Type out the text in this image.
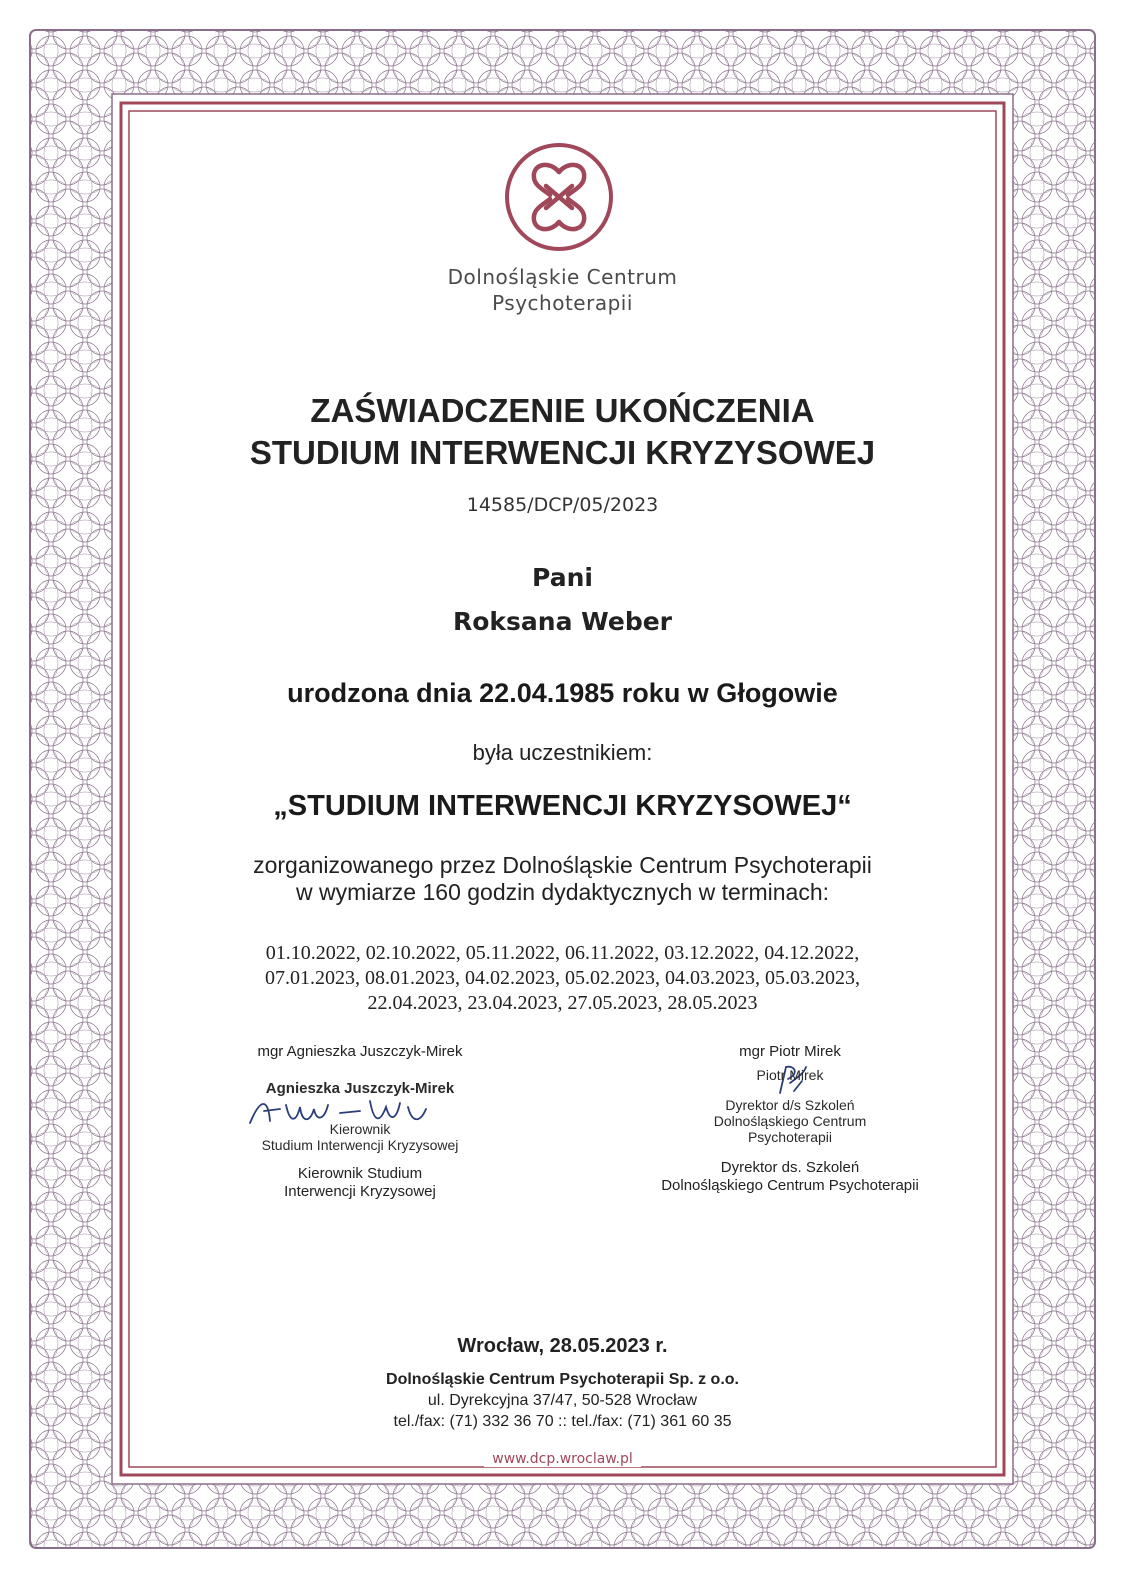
Dolnośląskie Centrum
Psychoterapii
ZAŚWIADCZENIE UKOŃCZENIA
STUDIUM INTERWENCJI KRYZYSOWEJ
14585/DCP/05/2023
Pani
Roksana Weber
urodzona dnia 22.04.1985 roku w Głogowie
była uczestnikiem:
„STUDIUM INTERWENCJI KRYZYSOWEJ“
zorganizowanego przez Dolnośląskie Centrum Psychoterapii
w wymiarze 160 godzin dydaktycznych w terminach:
01.10.2022, 02.10.2022, 05.11.2022, 06.11.2022, 03.12.2022, 04.12.2022,
07.01.2023, 08.01.2023, 04.02.2023, 05.02.2023, 04.03.2023, 05.03.2023,
22.04.2023, 23.04.2023, 27.05.2023, 28.05.2023
mgr Agnieszka Juszczyk-Mirek
Agnieszka Juszczyk-Mirek
Kierownik
Studium Interwencji Kryzysowej
Kierownik Studium
Interwencji Kryzysowej
mgr Piotr Mirek
Piotr Mirek
Dyrektor d/s Szkoleń
Dolnośląskiego Centrum
Psychoterapii
Dyrektor ds. Szkoleń
Dolnośląskiego Centrum Psychoterapii
Wrocław, 28.05.2023 r.
Dolnośląskie Centrum Psychoterapii Sp. z o.o.
ul. Dyrekcyjna 37/47, 50-528 Wrocław
tel./fax: (71) 332 36 70 :: tel./fax: (71) 361 60 35
www.dcp.wroclaw.pl
